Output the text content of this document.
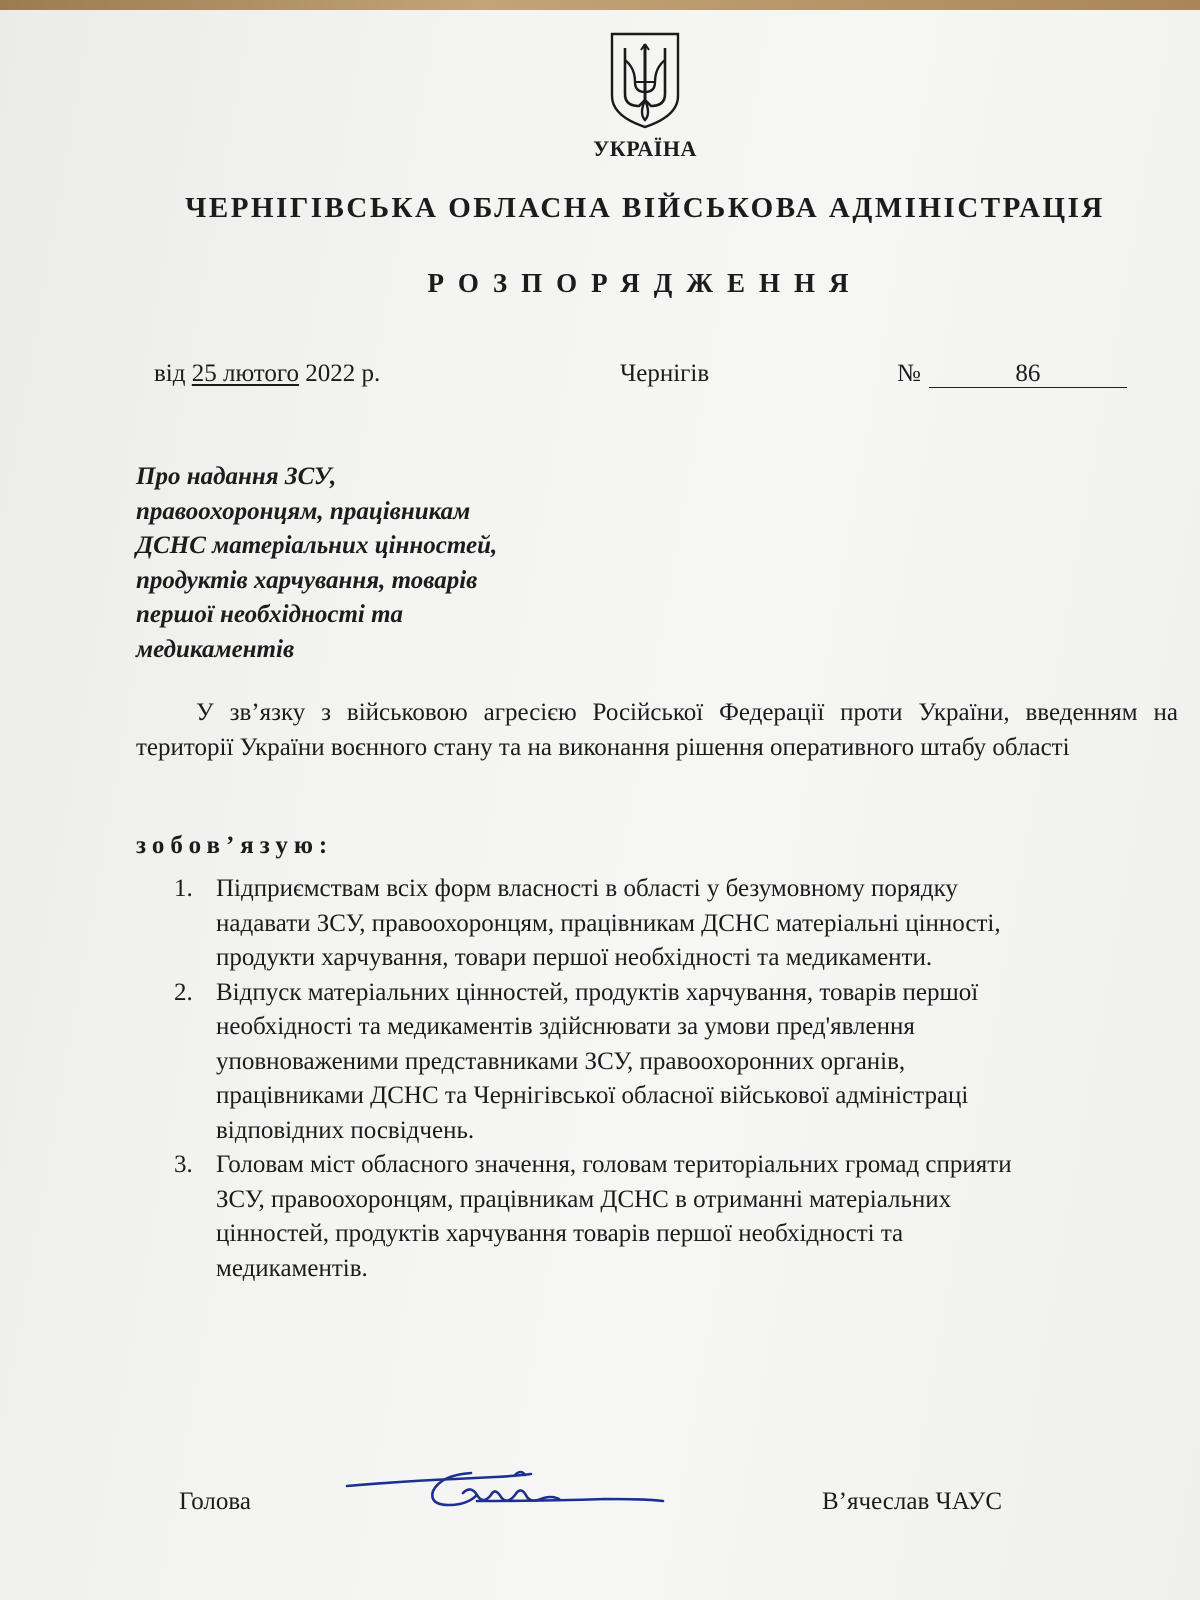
УКРАЇНА
ЧЕРНІГІВСЬКА ОБЛАСНА ВІЙСЬКОВА АДМІНІСТРАЦІЯ
РОЗПОРЯДЖЕННЯ
від 25 лютого 2022 р.	Чернігів	№	86
Про надання ЗСУ,
правоохоронцям, працівникам
ДСНС матеріальних цінностей,
продуктів харчування, товарів
першої необхідності та
медикаментів
У зв’язку з військовою агресією Російської Федерації проти України, введенням на території України воєнного стану та на виконання рішення оперативного штабу області
зобов’язую:
1. Підприємствам всіх форм власності в області у безумовному порядку
надавати ЗСУ, правоохоронцям, працівникам ДСНС матеріальні цінності,
продукти харчування, товари першої необхідності та медикаменти.
2. Відпуск матеріальних цінностей, продуктів харчування, товарів першої
необхідності та медикаментів здійснювати за умови пред'явлення
уповноваженими представниками ЗСУ, правоохоронних органів,
працівниками ДСНС та Чернігівської обласної військової адміністраці
відповідних посвідчень.
3. Головам міст обласного значення, головам територіальних громад сприяти
ЗСУ, правоохоронцям, працівникам ДСНС в отриманні матеріальних
цінностей, продуктів харчування товарів першої необхідності та
медикаментів.
Голова	В’ячеслав ЧАУС
